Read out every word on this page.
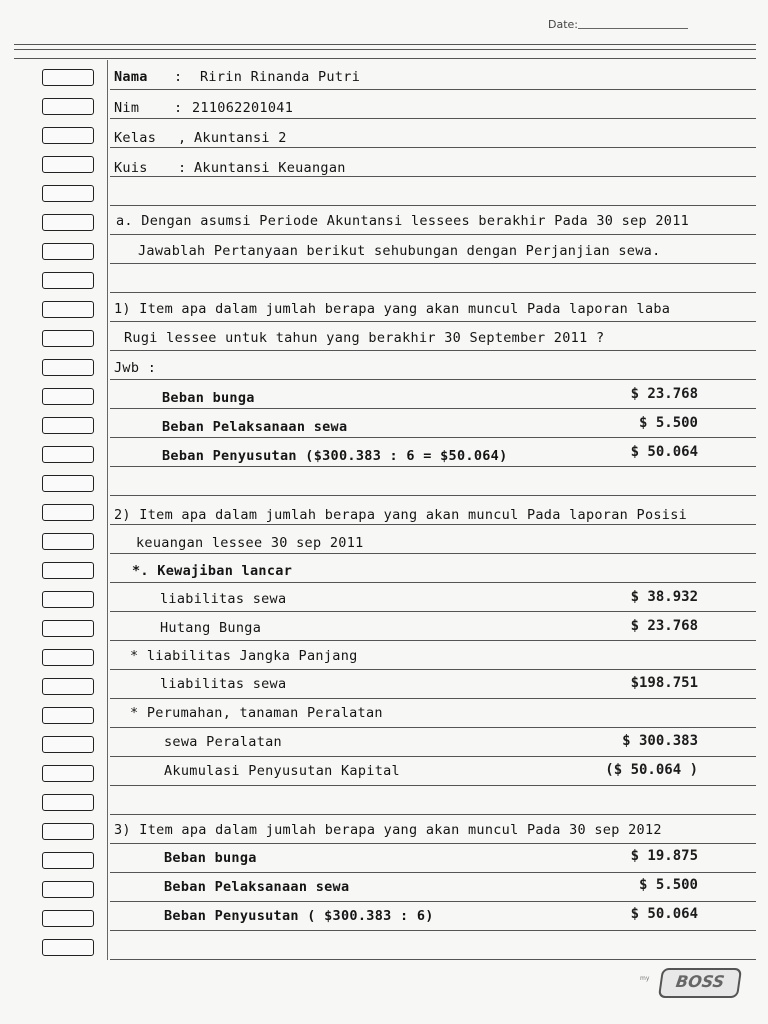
Date:
Nama : Ririn Rinanda Putri
Nim	: 211062201041
Kelas , Akuntansi 2
Kuis : Akuntansi Keuangan
a. Dengan asumsi Periode Akuntansi lessees berakhir Pada 30 sep 2011
Jawablah Pertanyaan berikut sehubungan dengan Perjanjian sewa.
1) Item apa dalam jumlah berapa yang akan muncul Pada laporan laba
Rugi lessee untuk tahun yang berakhir 30 September 2011 ?
Jwb :
Beban bunga	$ 23.768
Beban Pelaksanaan sewa	$ 5.500
Beban Penyusutan ($300.383 : 6 = $50.064)	$ 50.064
2) Item apa dalam jumlah berapa yang akan muncul Pada laporan Posisi
keuangan lessee 30 sep 2011
*. Kewajiban lancar
liabilitas sewa	$ 38.932
Hutang Bunga	$ 23.768
* liabilitas Jangka Panjang
liabilitas sewa	$198.751
* Perumahan, tanaman Peralatan
sewa Peralatan	$ 300.383
Akumulasi Penyusutan Kapital	($ 50.064 )
3) Item apa dalam jumlah berapa yang akan muncul Pada 30 sep 2012
Beban bunga	$ 19.875
Beban Pelaksanaan sewa	$ 5.500
Beban Penyusutan ( $300.383 : 6)	$ 50.064
my	BOSS
